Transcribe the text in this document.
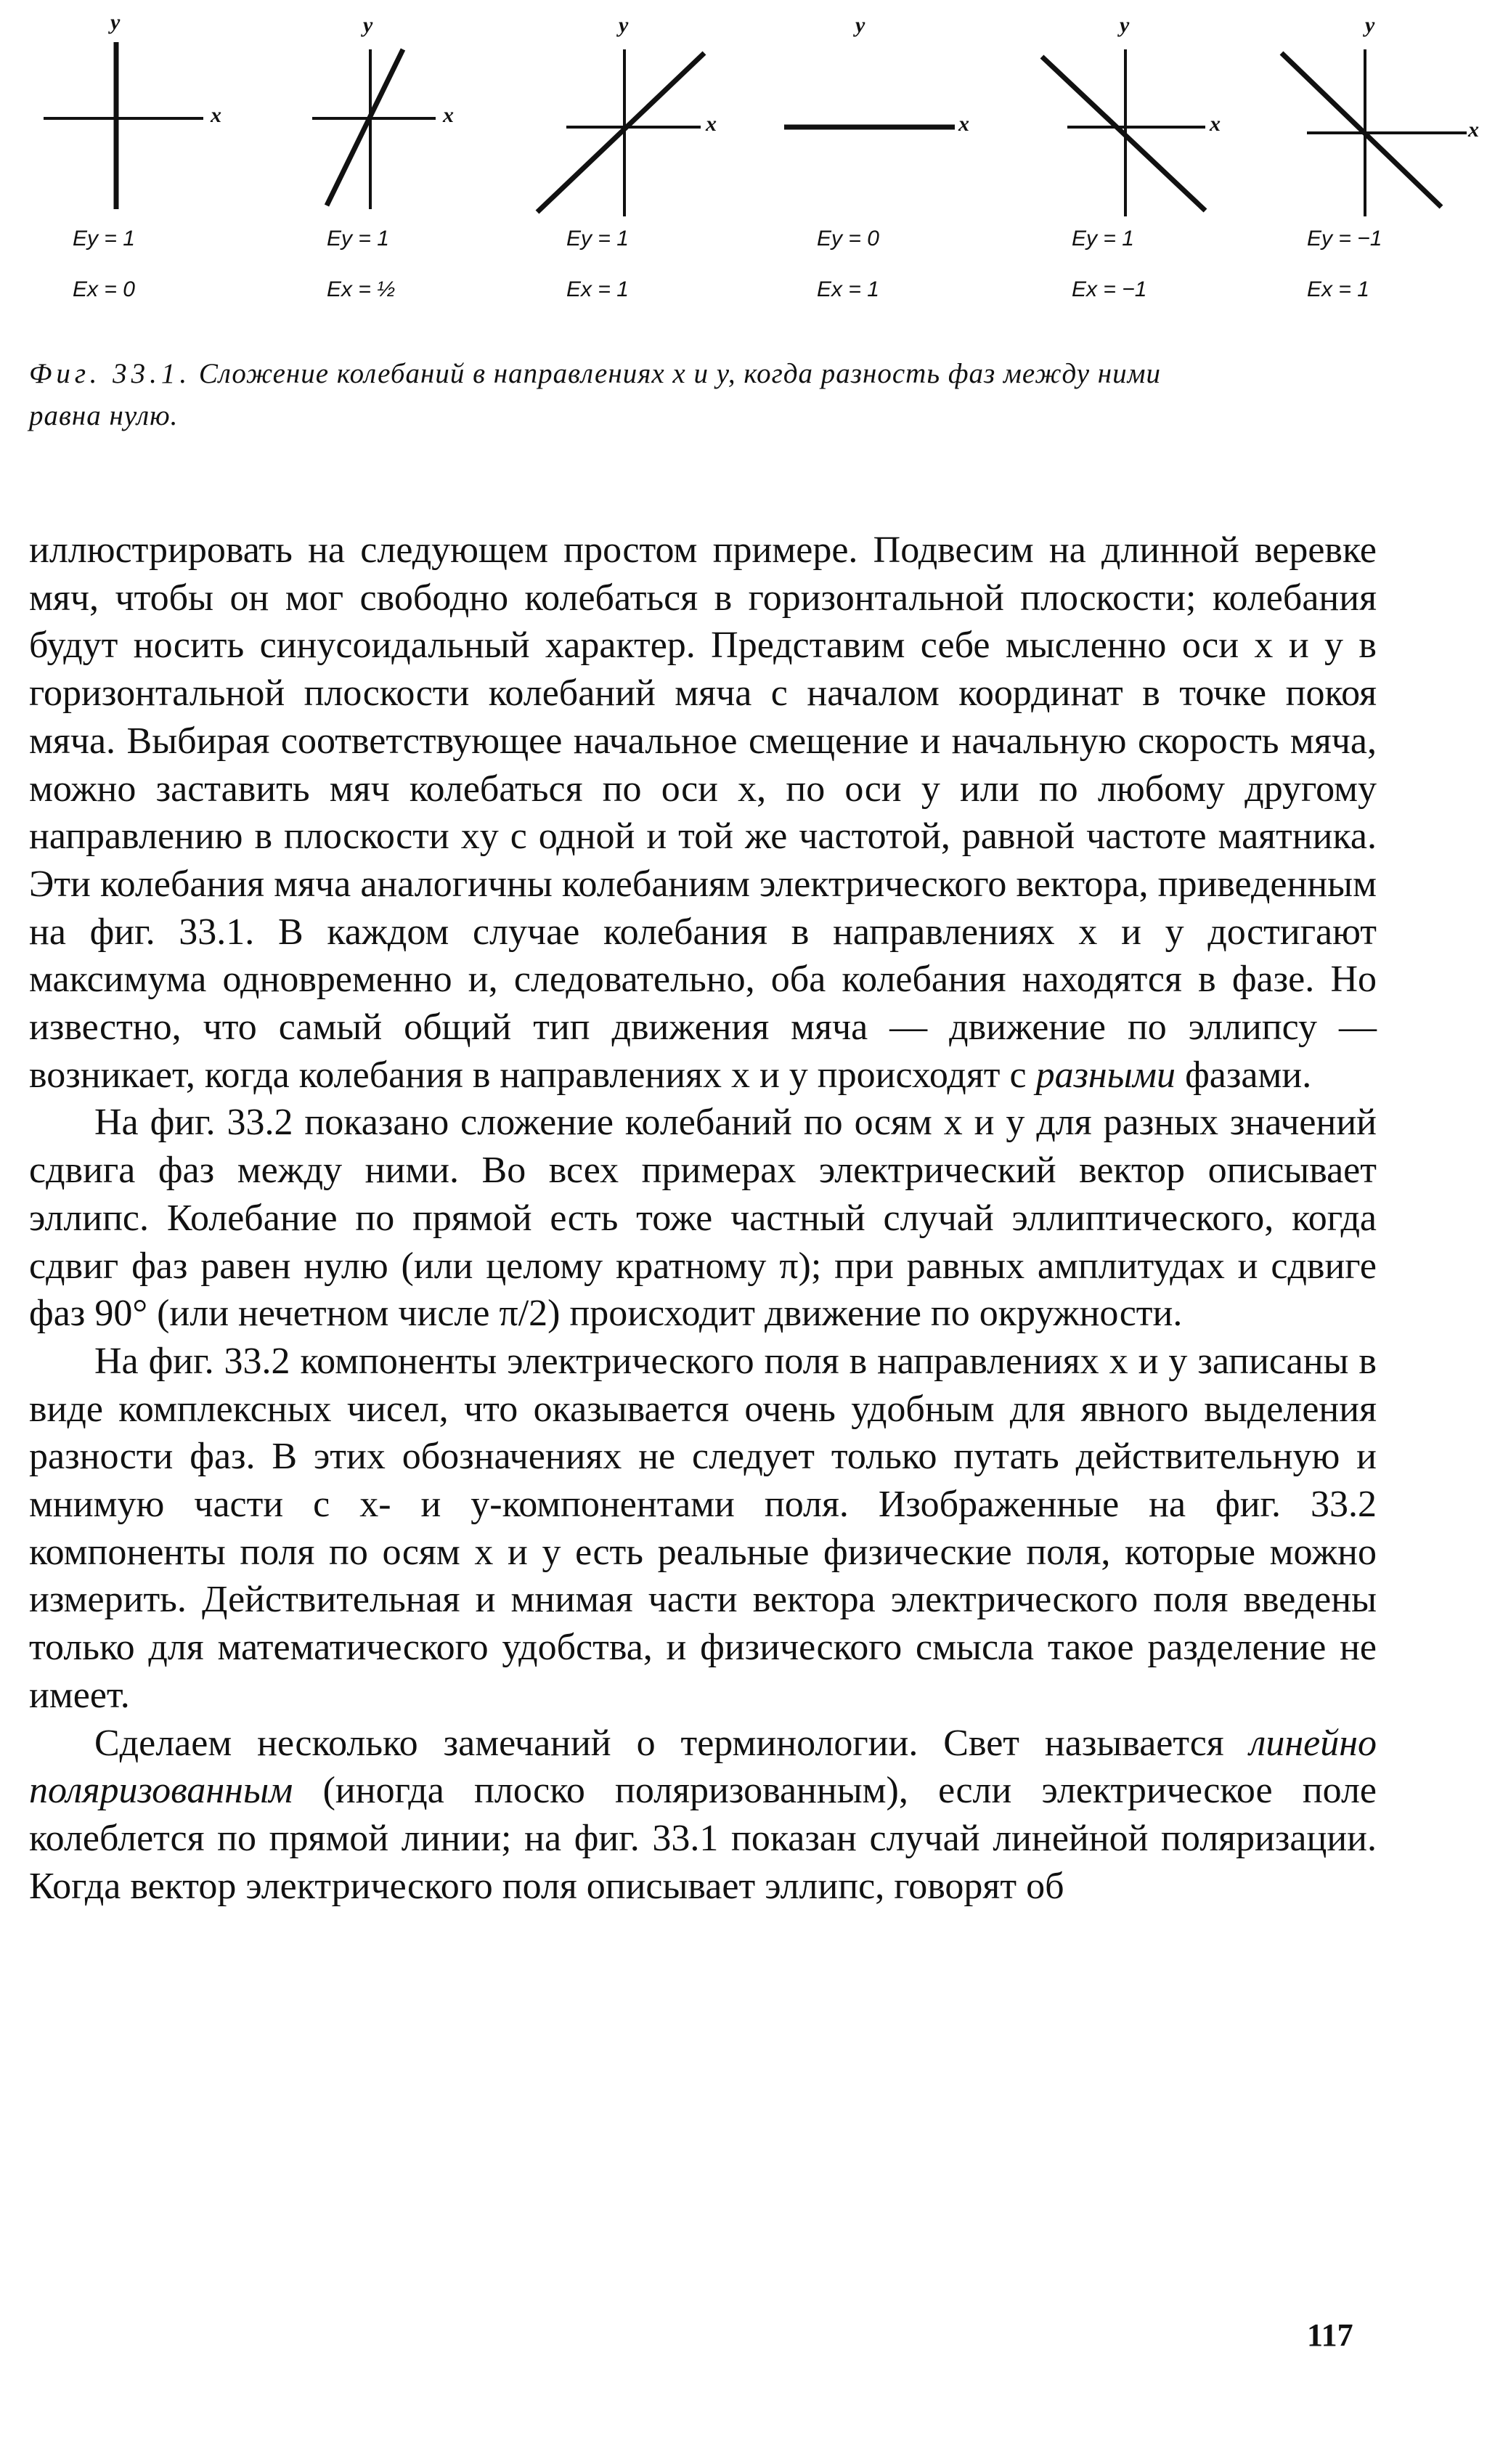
y
x
Ey = 1
Ex = 0
y
x
Ey = 1
Ex = ½
y
x
Ey = 1
Ex = 1
y
x
Ey = 0
Ex = 1
y
x
Ey = 1
Ex = −1
y
x
Ey = −1
Ex = 1
Фиг. 33.1. Сложение колебаний в направлениях x и y, когда разность фаз между ними равна нулю.

иллюстрировать на следующем простом примере. Подвесим на длинной веревке мяч, чтобы он мог свободно колебаться в горизонтальной плоскости; колебания будут носить синусоидальный характер. Представим себе мысленно оси x и y в горизонтальной плоскости колебаний мяча с началом координат в точке покоя мяча. Выбирая соответствующее начальное смещение и начальную скорость мяча, можно заставить мяч колебаться по оси x, по оси y или по любому другому направлению в плоскости xy с одной и той же частотой, равной частоте маятника. Эти колебания мяча аналогичны колебаниям электрического вектора, приведенным на фиг. 33.1. В каждом случае колебания в направлениях x и y достигают максимума одновременно и, следовательно, оба колебания находятся в фазе. Но известно, что самый общий тип движения мяча — движение по эллипсу — возникает, когда колебания в направлениях x и y происходят с разными фазами.

На фиг. 33.2 показано сложение колебаний по осям x и y для разных значений сдвига фаз между ними. Во всех примерах электрический вектор описывает эллипс. Колебание по прямой есть тоже частный случай эллиптического, когда сдвиг фаз равен нулю (или целому кратному π); при равных амплитудах и сдвиге фаз 90° (или нечетном числе π/2) происходит движение по окружности.

На фиг. 33.2 компоненты электрического поля в направлениях x и y записаны в виде комплексных чисел, что оказывается очень удобным для явного выделения разности фаз. В этих обозначениях не следует только путать действительную и мнимую части с x- и y-компонентами поля. Изображенные на фиг. 33.2 компоненты поля по осям x и y есть реальные физические поля, которые можно измерить. Действительная и мнимая части вектора электрического поля введены только для математического удобства, и физического смысла такое разделение не имеет.

Сделаем несколько замечаний о терминологии. Свет называется линейно поляризованным (иногда плоско поляризованным), если электрическое поле колеблется по прямой линии; на фиг. 33.1 показан случай линейной поляризации. Когда вектор электрического поля описывает эллипс, говорят об

117
